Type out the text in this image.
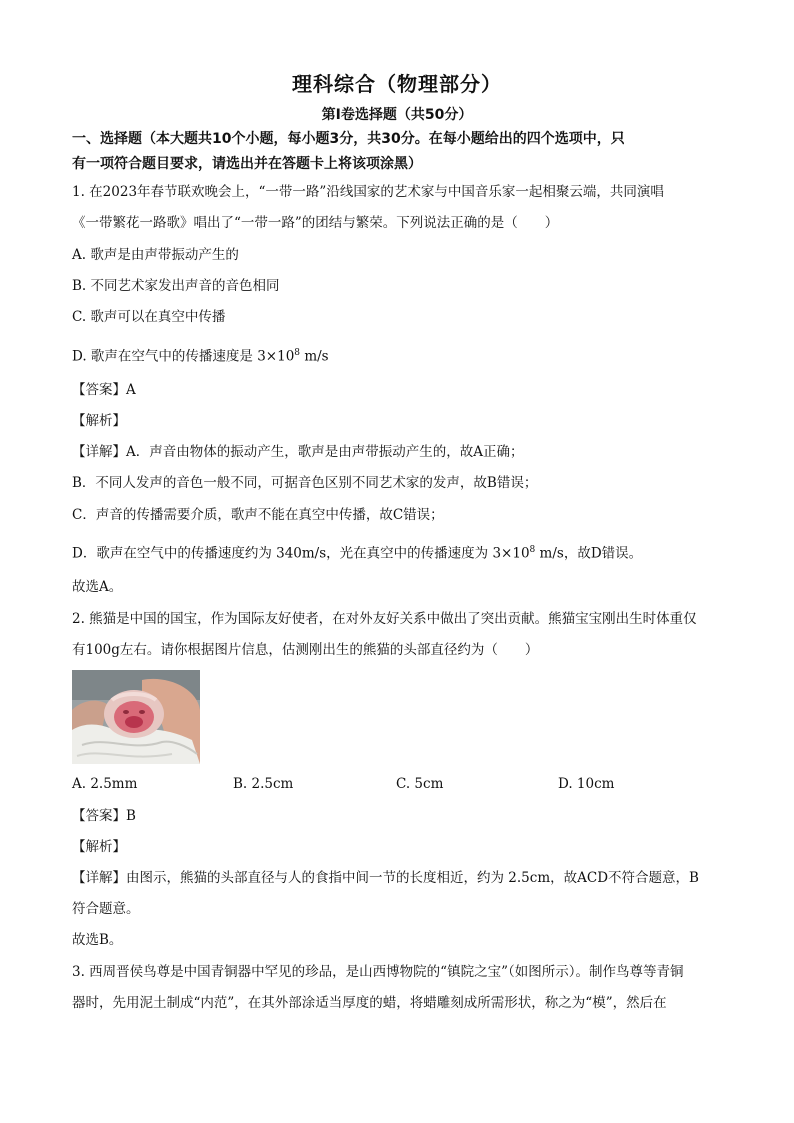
理科综合（物理部分）
第I卷选择题（共50分）
一、选择题（本大题共10个小题，每小题3分，共30分。在每小题给出的四个选项中，只
有一项符合题目要求，请选出并在答题卡上将该项涂黑）
1. 在2023年春节联欢晚会上，“一带一路”沿线国家的艺术家与中国音乐家一起相聚云端，共同演唱
《一带繁花一路歌》唱出了“一带一路”的团结与繁荣。下列说法正确的是（　　）
A. 歌声是由声带振动产生的
B. 不同艺术家发出声音的音色相同
C. 歌声可以在真空中传播
D. 歌声在空气中的传播速度是 $3\times 10^8$ m/s
【答案】A
【解析】
【详解】A．声音由物体的振动产生，歌声是由声带振动产生的，故A正确；
B．不同人发声的音色一般不同，可据音色区别不同艺术家的发声，故B错误；
C．声音的传播需要介质，歌声不能在真空中传播，故C错误；
D．歌声在空气中的传播速度约为 340m/s，光在真空中的传播速度为 $3\times 10^8$ m/s，故D错误。
故选A。
2. 熊猫是中国的国宝，作为国际友好使者，在对外友好关系中做出了突出贡献。熊猫宝宝刚出生时体重仅
有100g左右。请你根据图片信息，估测刚出生的熊猫的头部直径约为（　　）
A. 2.5mm	B. 2.5cm	C. 5cm	D. 10cm
【答案】B
【解析】
【详解】由图示，熊猫的头部直径与人的食指中间一节的长度相近，约为 2.5cm，故ACD不符合题意，B
符合题意。
故选B。
3. 西周晋侯鸟尊是中国青铜器中罕见的珍品，是山西博物院的“镇院之宝”（如图所示）。制作鸟尊等青铜
器时，先用泥土制成“内范”，在其外部涂适当厚度的蜡，将蜡雕刻成所需形状，称之为“模”，然后在
